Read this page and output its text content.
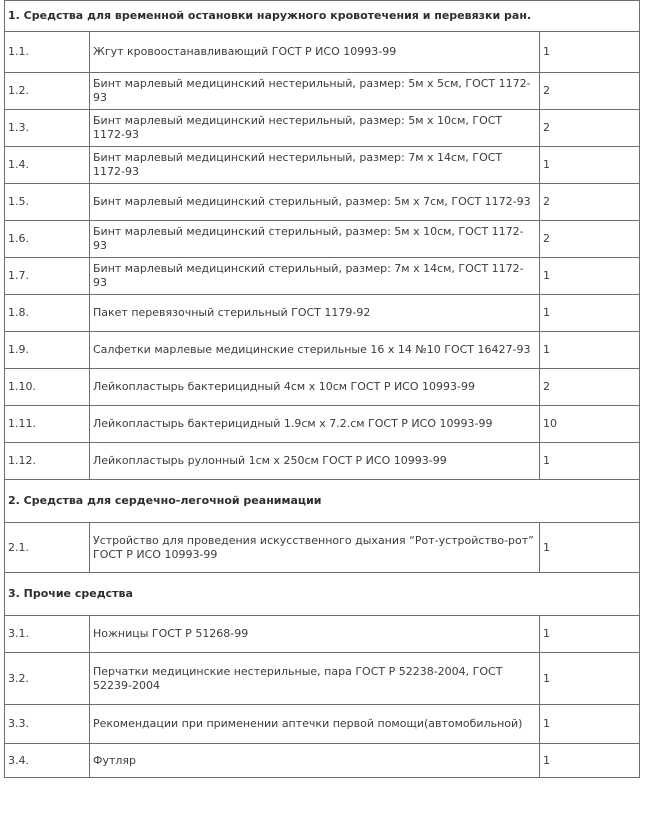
1. Средства для временной остановки наружного кровотечения и перевязки ран.		
1.1.	Жгут кровоостанавливающий ГОСТ Р ИСО 10993-99	1
1.2.	Бинт марлевый медицинский нестерильный, размер: 5м х 5см, ГОСТ 1172-93	2
1.3.	Бинт марлевый медицинский нестерильный, размер: 5м х 10см, ГОСТ 1172-93	2
1.4.	Бинт марлевый медицинский нестерильный, размер: 7м х 14см, ГОСТ 1172-93	1
1.5.	Бинт марлевый медицинский стерильный, размер: 5м х 7см, ГОСТ 1172-93	2
1.6.	Бинт марлевый медицинский стерильный, размер: 5м х 10см, ГОСТ 1172-93	2
1.7.	Бинт марлевый медицинский стерильный, размер: 7м х 14см, ГОСТ 1172-93	1
1.8.	Пакет перевязочный стерильный ГОСТ 1179-92	1
1.9.	Салфетки марлевые медицинские стерильные 16 х 14 №10 ГОСТ 16427-93	1
1.10.	Лейкопластырь бактерицидный 4см х 10см ГОСТ Р ИСО 10993-99	2
1.11.	Лейкопластырь бактерицидный 1.9см х 7.2.см ГОСТ Р ИСО 10993-99	10
1.12.	Лейкопластырь рулонный 1см х 250см ГОСТ Р ИСО 10993-99	1
2. Средства для сердечно-легочной реанимации		
2.1.	Устройство для проведения искусственного дыхания “Рот-устройство-рот” ГОСТ Р ИСО 10993-99	1
3. Прочие средства		
3.1.	Ножницы ГОСТ Р 51268-99	1
3.2.	Перчатки медицинские нестерильные, пара ГОСТ Р 52238-2004, ГОСТ 52239-2004	1
3.3.	Рекомендации при применении аптечки первой помощи(автомобильной)	1
3.4.	Футляр	1
